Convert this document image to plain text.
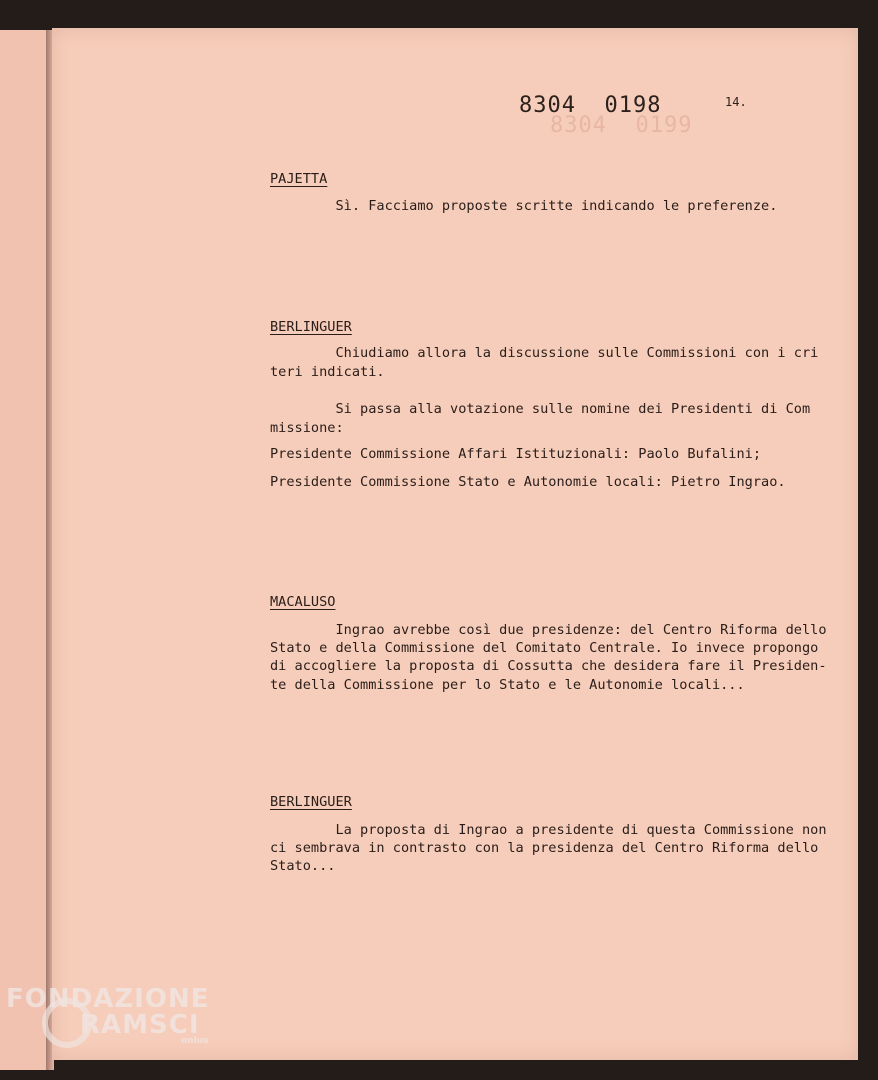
8304  0199

8304  0198	14.

PAJETTA

Sì. Facciamo proposte scritte indicando le preferenze.

BERLINGUER

Chiudiamo allora la discussione sulle Commissioni con i cri

teri indicati.

Si passa alla votazione sulle nomine dei Presidenti di Com

missione:

Presidente Commissione Affari Istituzionali: Paolo Bufalini;

Presidente Commissione Stato e Autonomie locali: Pietro Ingrao.

MACALUSO

Ingrao avrebbe così due presidenze: del Centro Riforma dello

Stato e della Commissione del Comitato Centrale. Io invece propongo

di accogliere la proposta di Cossutta che desidera fare il Presiden-

te della Commissione per lo Stato e le Autonomie locali...

BERLINGUER

La proposta di Ingrao a presidente di questa Commissione non

ci sembrava in contrasto con la presidenza del Centro Riforma dello

Stato...

FONDAZIONE
RAMSCI
onlus
